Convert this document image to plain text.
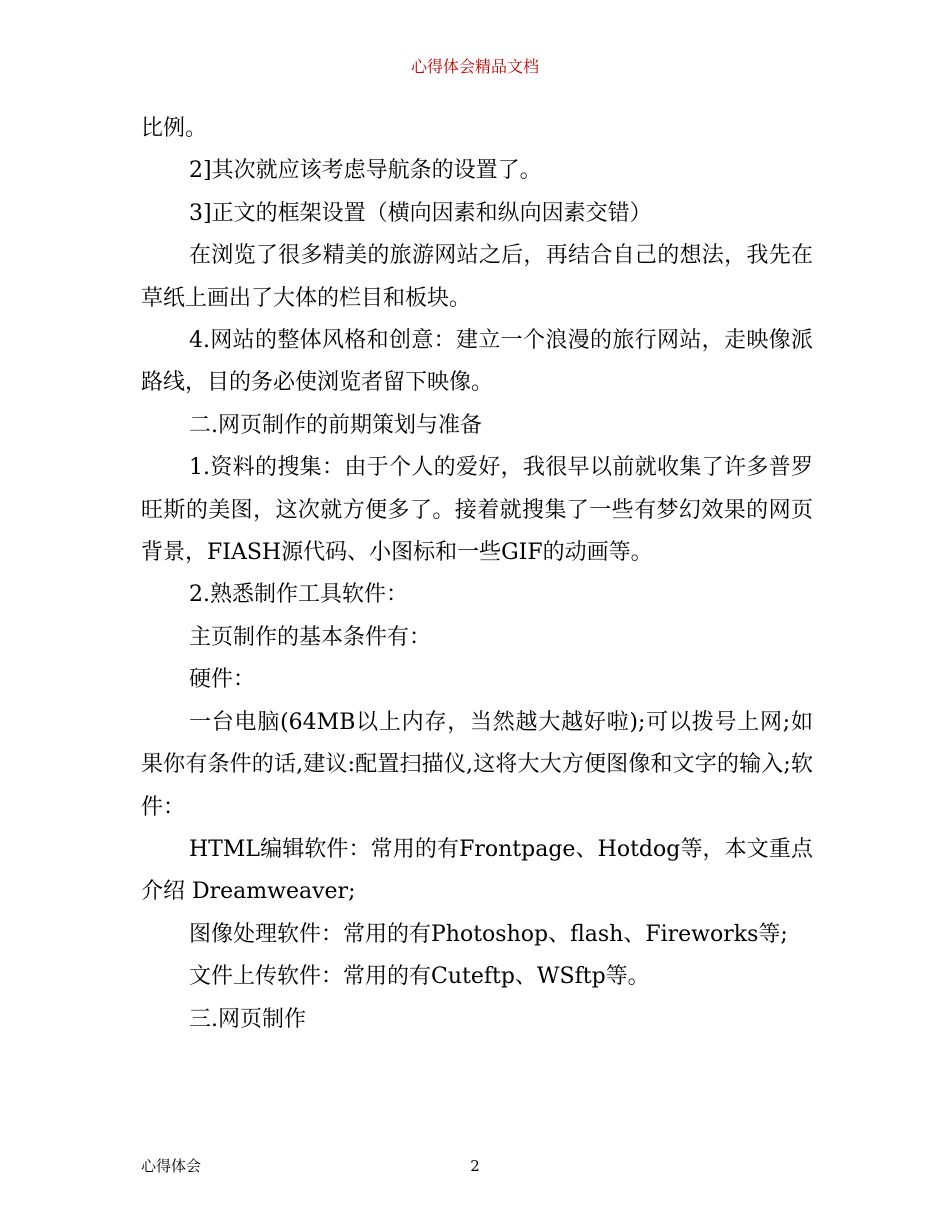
心得体会精品文档

比例。

2]其次就应该考虑导航条的设置了。

3]正文的框架设置（横向因素和纵向因素交错）

在浏览了很多精美的旅游网站之后，再结合自己的想法，我先在草纸上画出了大体的栏目和板块。

4.网站的整体风格和创意：建立一个浪漫的旅行网站，走映像派路线，目的务必使浏览者留下映像。

二.网页制作的前期策划与准备

1.资料的搜集：由于个人的爱好，我很早以前就收集了许多普罗旺斯的美图，这次就方便多了。接着就搜集了一些有梦幻效果的网页背景，FIASH源代码、小图标和一些GIF的动画等。

2.熟悉制作工具软件：

主页制作的基本条件有：

硬件：

一台电脑(64MB以上内存，当然越大越好啦);可以拨号上网;如果你有条件的话,建议:配置扫描仪,这将大大方便图像和文字的输入;软件：

HTML编辑软件：常用的有Frontpage、Hotdog等，本文重点介绍 Dreamweaver;

图像处理软件：常用的有Photoshop、flash、Fireworks等;

文件上传软件：常用的有Cuteftp、WSftp等。

三.网页制作

心得体会	2
